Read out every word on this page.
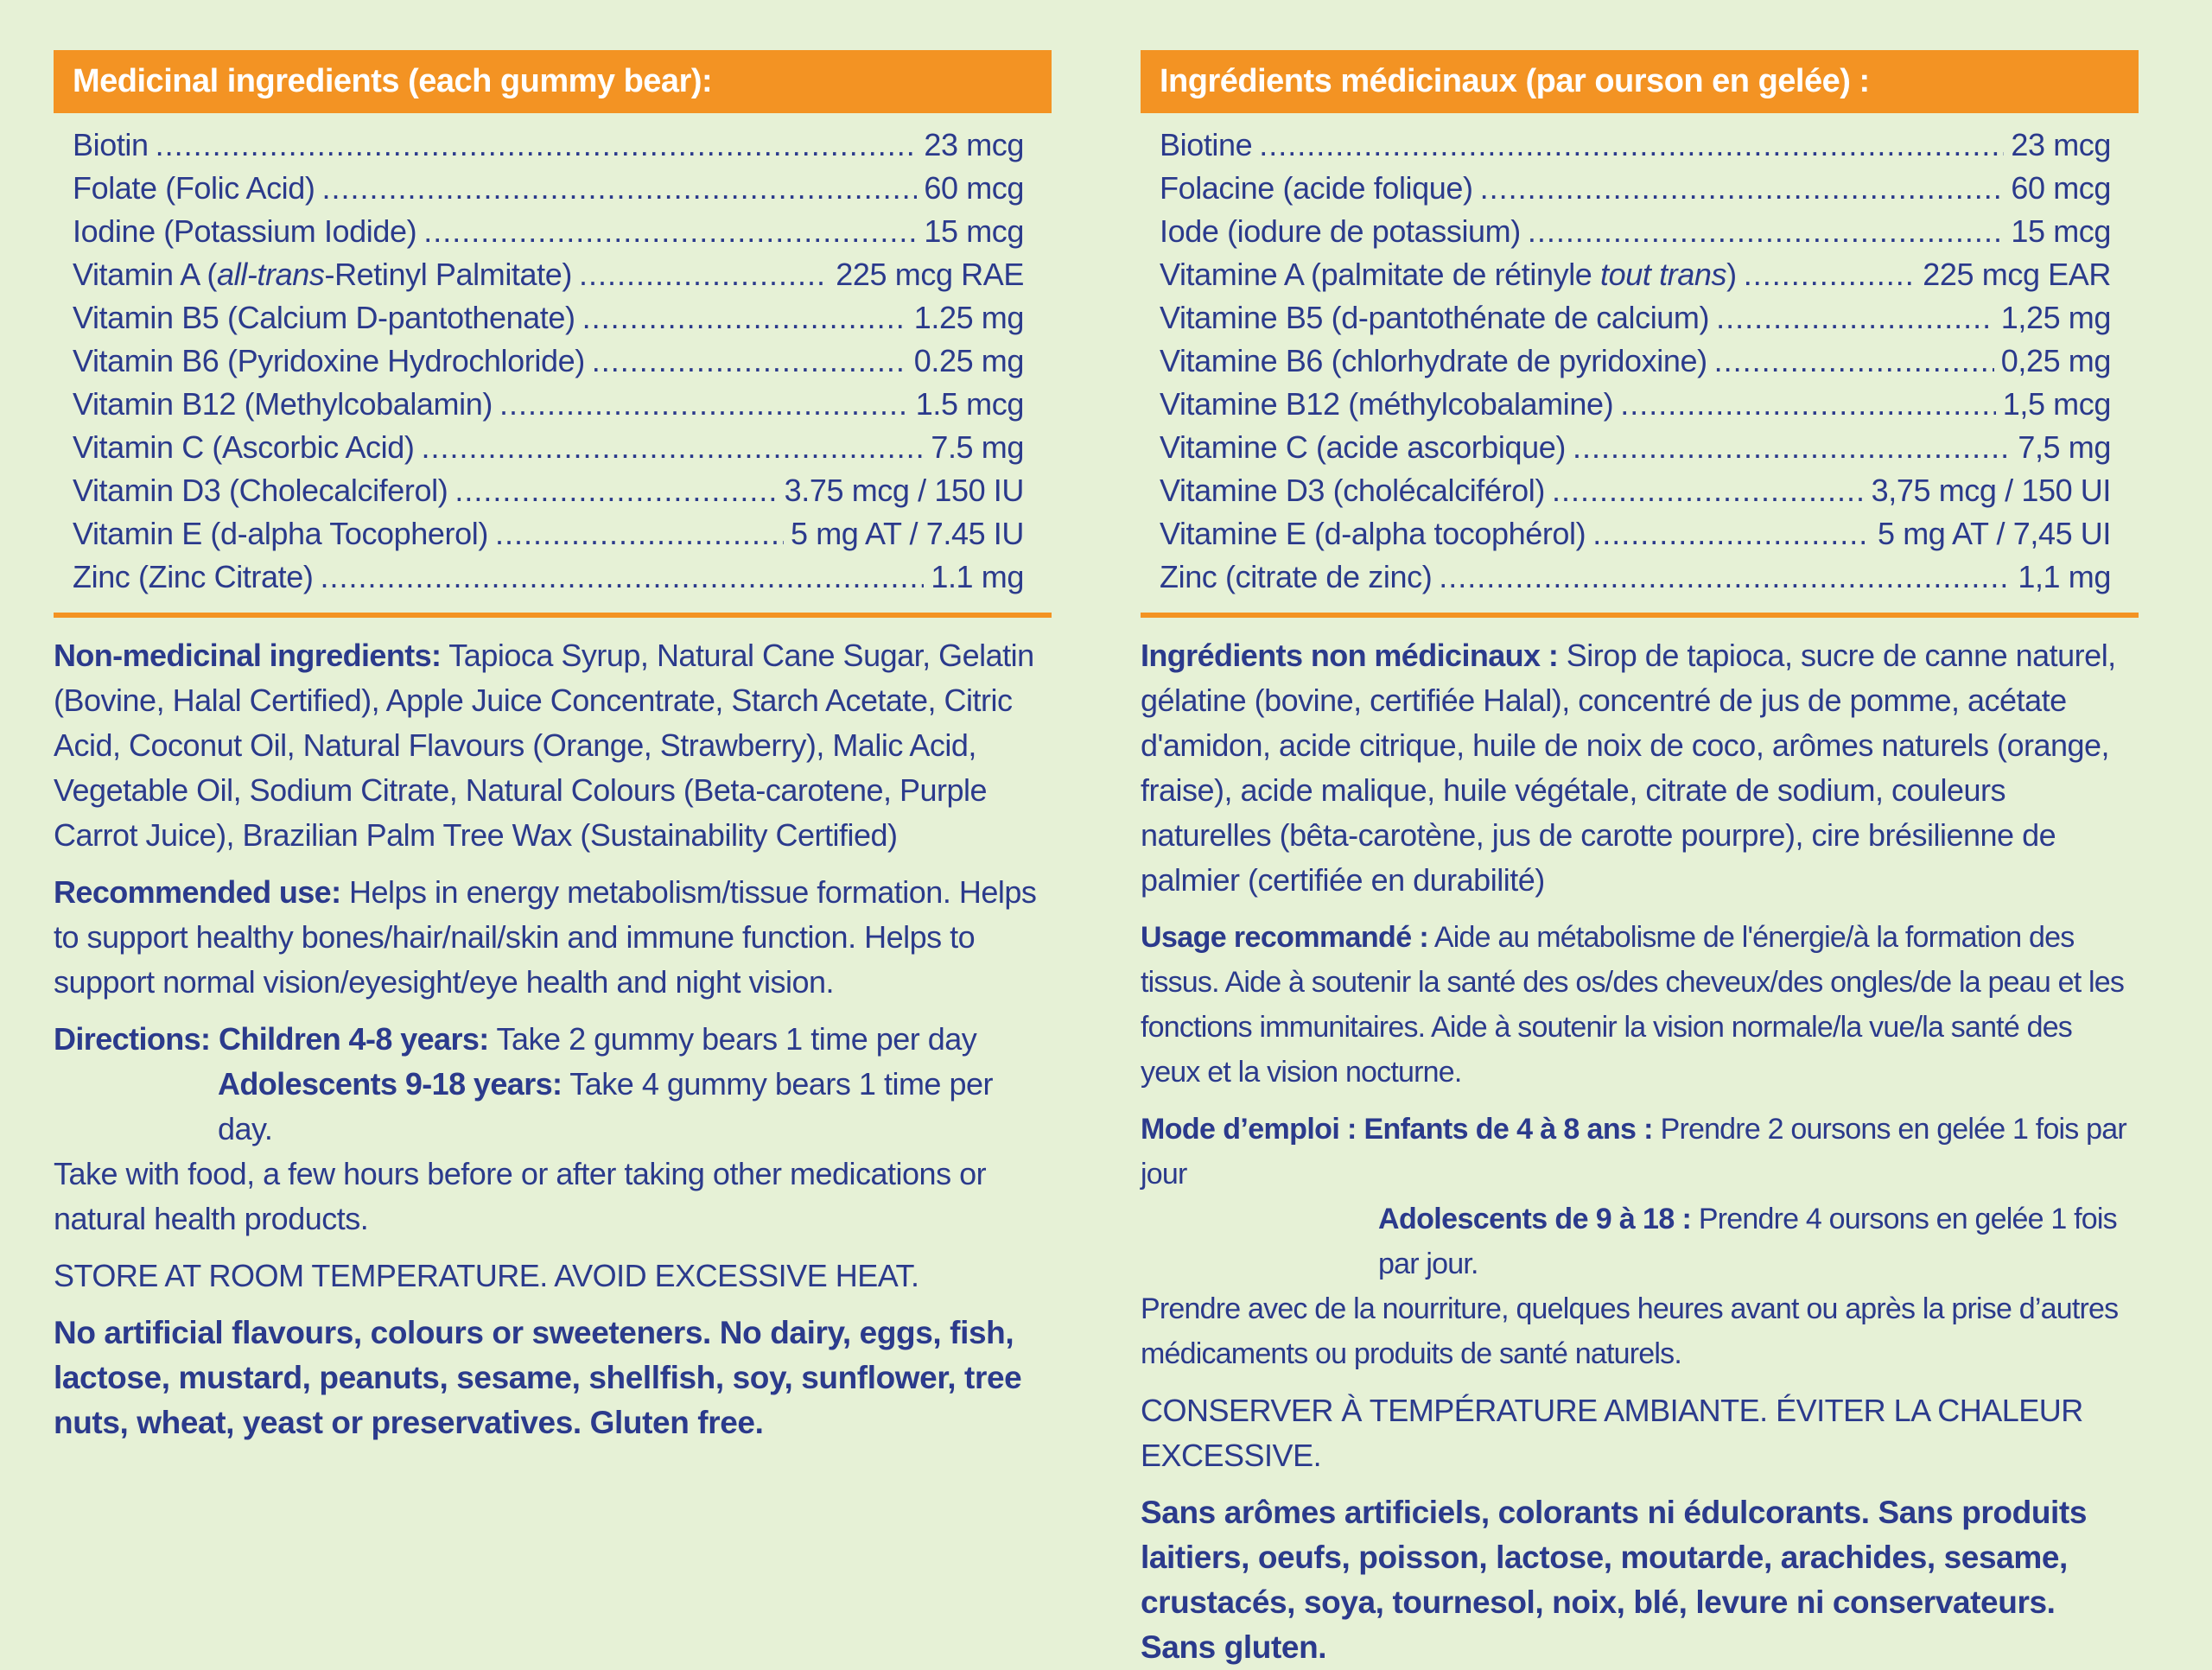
Medicinal ingredients (each gummy bear):
Biotin .....	23 mcg
Folate (Folic Acid) .....	60 mcg
Iodine (Potassium Iodide) .....	15 mcg
Vitamin A (all-trans-Retinyl Palmitate) .....	225 mcg RAE
Vitamin B5 (Calcium D-pantothenate) .....	1.25 mg
Vitamin B6 (Pyridoxine Hydrochloride) .....	0.25 mg
Vitamin B12 (Methylcobalamin) .....	1.5 mcg
Vitamin C (Ascorbic Acid) .....	7.5 mg
Vitamin D3 (Cholecalciferol) .....	3.75 mcg / 150 IU
Vitamin E (d-alpha Tocopherol) .....	5 mg AT / 7.45 IU
Zinc (Zinc Citrate) .....	1.1 mg

Non-medicinal ingredients: Tapioca Syrup, Natural Cane Sugar, Gelatin (Bovine, Halal Certified), Apple Juice Concentrate, Starch Acetate, Citric Acid, Coconut Oil, Natural Flavours (Orange, Strawberry), Malic Acid, Vegetable Oil, Sodium Citrate, Natural Colours (Beta-carotene, Purple Carrot Juice), Brazilian Palm Tree Wax (Sustainability Certified)

Recommended use: Helps in energy metabolism/tissue formation. Helps to support healthy bones/hair/nail/skin and immune function. Helps to support normal vision/eyesight/eye health and night vision.

Directions: Children 4-8 years: Take 2 gummy bears 1 time per day
Adolescents 9-18 years: Take 4 gummy bears 1 time per day.

Take with food, a few hours before or after taking other medications or natural health products.

STORE AT ROOM TEMPERATURE. AVOID EXCESSIVE HEAT.

No artificial flavours, colours or sweeteners. No dairy, eggs, fish, lactose, mustard, peanuts, sesame, shellfish, soy, sunflower, tree nuts, wheat, yeast or preservatives. Gluten free.

Ingrédients médicinaux (par ourson en gelée) :
Biotine .....	23 mcg
Folacine (acide folique) .....	60 mcg
Iode (iodure de potassium) .....	15 mcg
Vitamine A (palmitate de rétinyle tout trans) .....	225 mcg EAR
Vitamine B5 (d-pantothénate de calcium) .....	1,25 mg
Vitamine B6 (chlorhydrate de pyridoxine) .....	0,25 mg
Vitamine B12 (méthylcobalamine) .....	1,5 mcg
Vitamine C (acide ascorbique) .....	7,5 mg
Vitamine D3 (cholécalciférol) .....	3,75 mcg / 150 UI
Vitamine E (d-alpha tocophérol) .....	5 mg AT / 7,45 UI
Zinc (citrate de zinc) .....	1,1 mg

Ingrédients non médicinaux : Sirop de tapioca, sucre de canne naturel, gélatine (bovine, certifiée Halal), concentré de jus de pomme, acétate d'amidon, acide citrique, huile de noix de coco, arômes naturels (orange, fraise), acide malique, huile végétale, citrate de sodium, couleurs naturelles (bêta-carotène, jus de carotte pourpre), cire brésilienne de palmier (certifiée en durabilité)

Usage recommandé : Aide au métabolisme de l'énergie/à la formation des tissus. Aide à soutenir la santé des os/des cheveux/des ongles/de la peau et les fonctions immunitaires. Aide à soutenir la vision normale/la vue/la santé des yeux et la vision nocturne.

Mode d’emploi : Enfants de 4 à 8 ans : Prendre 2 oursons en gelée 1 fois par jour
Adolescents de 9 à 18 : Prendre 4 oursons en gelée 1 fois par jour.

Prendre avec de la nourriture, quelques heures avant ou après la prise d’autres médicaments ou produits de santé naturels.

CONSERVER À TEMPÉRATURE AMBIANTE. ÉVITER LA CHALEUR EXCESSIVE.

Sans arômes artificiels, colorants ni édulcorants. Sans produits laitiers, oeufs, poisson, lactose, moutarde, arachides, sesame, crustacés, soya, tournesol, noix, blé, levure ni conservateurs. Sans gluten.
